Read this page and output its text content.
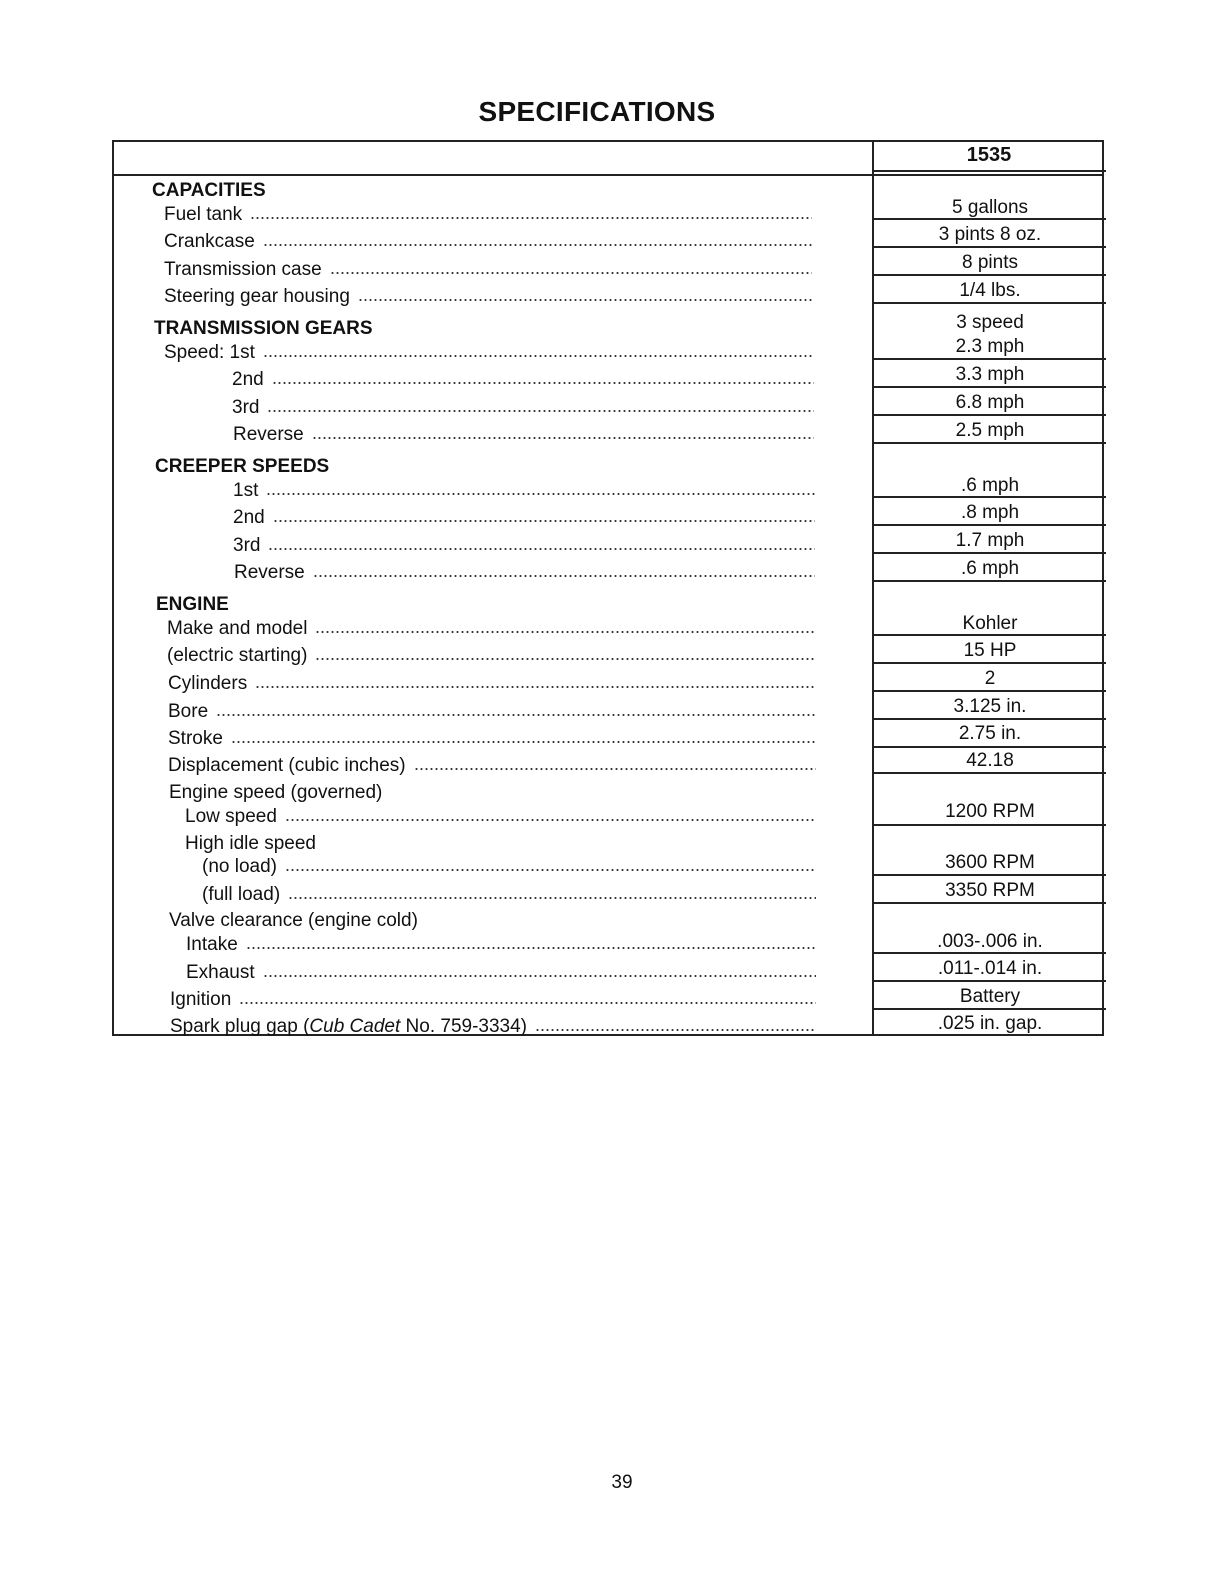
SPECIFICATIONS
1535
5 gallons
3 pints 8 oz.
8 pints
1/4 lbs.
3 speed
2.3 mph
3.3 mph
6.8 mph
2.5 mph
.6 mph
.8 mph
1.7 mph
.6 mph
Kohler
15 HP
2
3.125 in.
2.75 in.
42.18
1200 RPM
3600 RPM
3350 RPM
.003-.006 in.
.011-.014 in.
Battery
.025 in. gap.
CAPACITIES
TRANSMISSION GEARS
CREEPER SPEEDS
ENGINE
Fuel tank
Crankcase
Transmission case
Steering gear housing
Speed: 1st
2nd
3rd
Reverse
1st
2nd
3rd
Reverse
Make and model
(electric starting)
Cylinders
Bore
Stroke
Displacement (cubic inches)
Engine speed (governed)
Low speed
High idle speed
(no load)
(full load)
Valve clearance (engine cold)
Intake
Exhaust
Ignition
Spark plug gap (Cub Cadet No. 759-3334)
39
